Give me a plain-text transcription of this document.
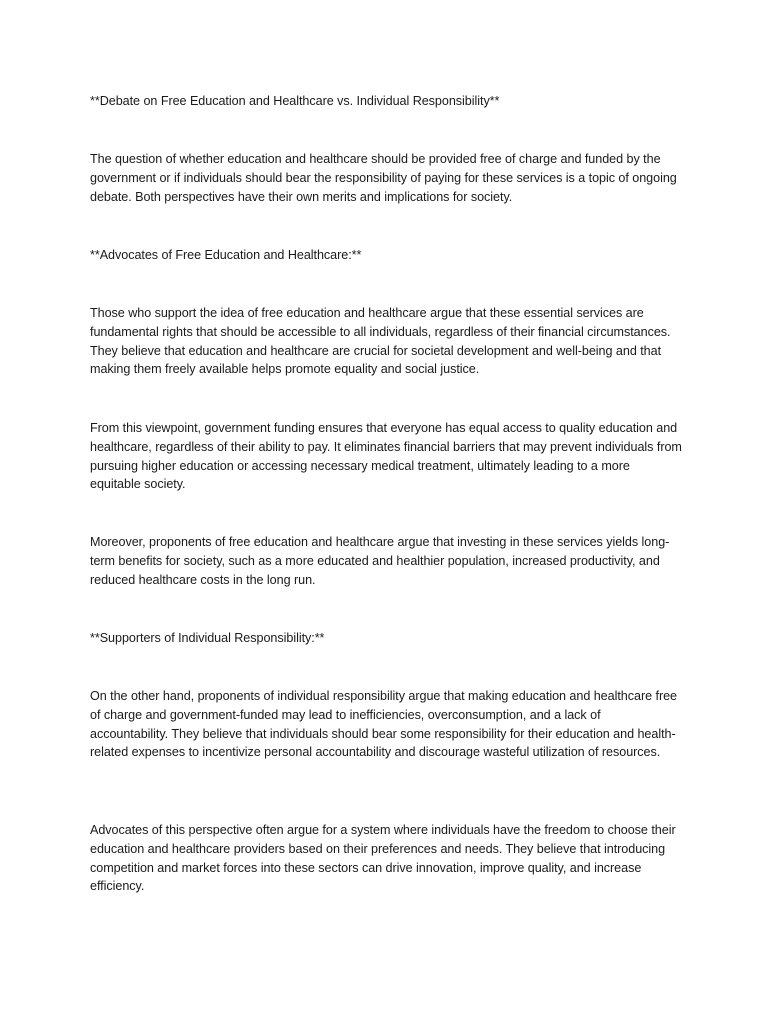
**Debate on Free Education and Healthcare vs. Individual Responsibility**

The question of whether education and healthcare should be provided free of charge and funded by the government or if individuals should bear the responsibility of paying for these services is a topic of ongoing debate. Both perspectives have their own merits and implications for society.

**Advocates of Free Education and Healthcare:**

Those who support the idea of free education and healthcare argue that these essential services are fundamental rights that should be accessible to all individuals, regardless of their financial circumstances. They believe that education and healthcare are crucial for societal development and well-being and that making them freely available helps promote equality and social justice.

From this viewpoint, government funding ensures that everyone has equal access to quality education and healthcare, regardless of their ability to pay. It eliminates financial barriers that may prevent individuals from pursuing higher education or accessing necessary medical treatment, ultimately leading to a more equitable society.

Moreover, proponents of free education and healthcare argue that investing in these services yields long-term benefits for society, such as a more educated and healthier population, increased productivity, and reduced healthcare costs in the long run.

**Supporters of Individual Responsibility:**

On the other hand, proponents of individual responsibility argue that making education and healthcare free of charge and government-funded may lead to inefficiencies, overconsumption, and a lack of accountability. They believe that individuals should bear some responsibility for their education and health-related expenses to incentivize personal accountability and discourage wasteful utilization of resources.

Advocates of this perspective often argue for a system where individuals have the freedom to choose their education and healthcare providers based on their preferences and needs. They believe that introducing competition and market forces into these sectors can drive innovation, improve quality, and increase efficiency.
